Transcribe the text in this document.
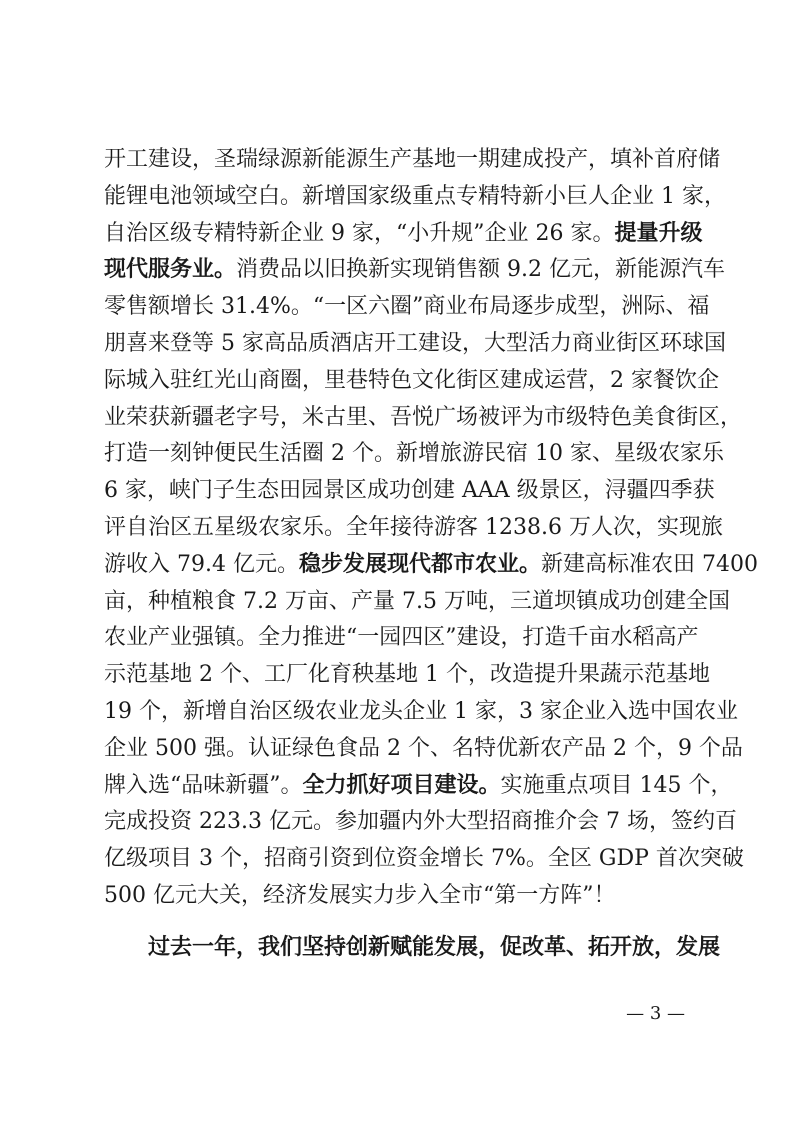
开工建设，圣瑞绿源新能源生产基地一期建成投产，填补首府储
能锂电池领域空白。新增国家级重点专精特新小巨人企业 1 家，
自治区级专精特新企业 9 家，“小升规”企业 26 家。提量升级
现代服务业。消费品以旧换新实现销售额 9.2 亿元，新能源汽车
零售额增长 31.4%。“一区六圈”商业布局逐步成型，洲际、福
朋喜来登等 5 家高品质酒店开工建设，大型活力商业街区环球国
际城入驻红光山商圈，里巷特色文化街区建成运营，2 家餐饮企
业荣获新疆老字号，米古里、吾悦广场被评为市级特色美食街区，
打造一刻钟便民生活圈 2 个。新增旅游民宿 10 家、星级农家乐
6 家，峡门子生态田园景区成功创建 AAA 级景区，浔疆四季获
评自治区五星级农家乐。全年接待游客 1238.6 万人次，实现旅
游收入 79.4 亿元。稳步发展现代都市农业。新建高标准农田 7400
亩，种植粮食 7.2 万亩、产量 7.5 万吨，三道坝镇成功创建全国
农业产业强镇。全力推进“一园四区”建设，打造千亩水稻高产
示范基地 2 个、工厂化育秧基地 1 个，改造提升果蔬示范基地
19 个，新增自治区级农业龙头企业 1 家，3 家企业入选中国农业
企业 500 强。认证绿色食品 2 个、名特优新农产品 2 个，9 个品
牌入选“品味新疆”。全力抓好项目建设。实施重点项目 145 个，
完成投资 223.3 亿元。参加疆内外大型招商推介会 7 场，签约百
亿级项目 3 个，招商引资到位资金增长 7%。全区 GDP 首次突破
500 亿元大关，经济发展实力步入全市“第一方阵”！
过去一年，我们坚持创新赋能发展，促改革、拓开放，发展
— 3 —
